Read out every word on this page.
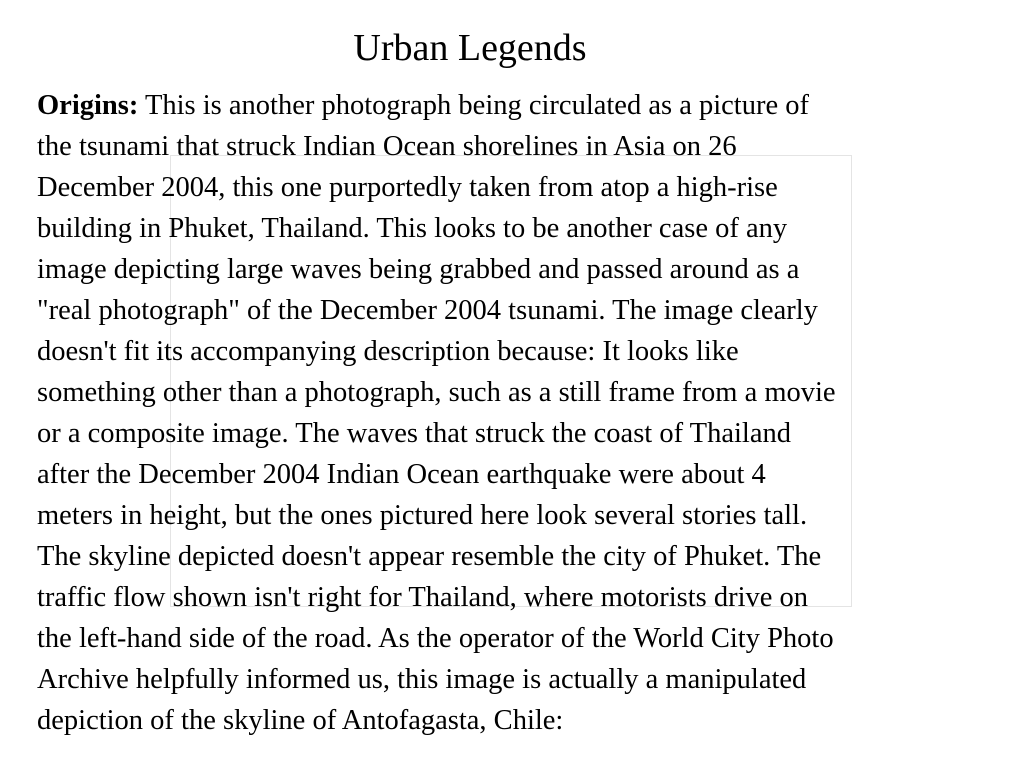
Urban Legends

Origins: This is another photograph being circulated as a picture of
the tsunami that struck Indian Ocean shorelines in Asia on 26
December 2004, this one purportedly taken from atop a high-rise
building in Phuket, Thailand. This looks to be another case of any
image depicting large waves being grabbed and passed around as a
"real photograph" of the December 2004 tsunami. The image clearly
doesn't fit its accompanying description because: It looks like
something other than a photograph, such as a still frame from a movie
or a composite image. The waves that struck the coast of Thailand
after the December 2004 Indian Ocean earthquake were about 4
meters in height, but the ones pictured here look several stories tall.
The skyline depicted doesn't appear resemble the city of Phuket. The
traffic flow shown isn't right for Thailand, where motorists drive on
the left-hand side of the road. As the operator of the World City Photo
Archive helpfully informed us, this image is actually a manipulated
depiction of the skyline of Antofagasta, Chile:
